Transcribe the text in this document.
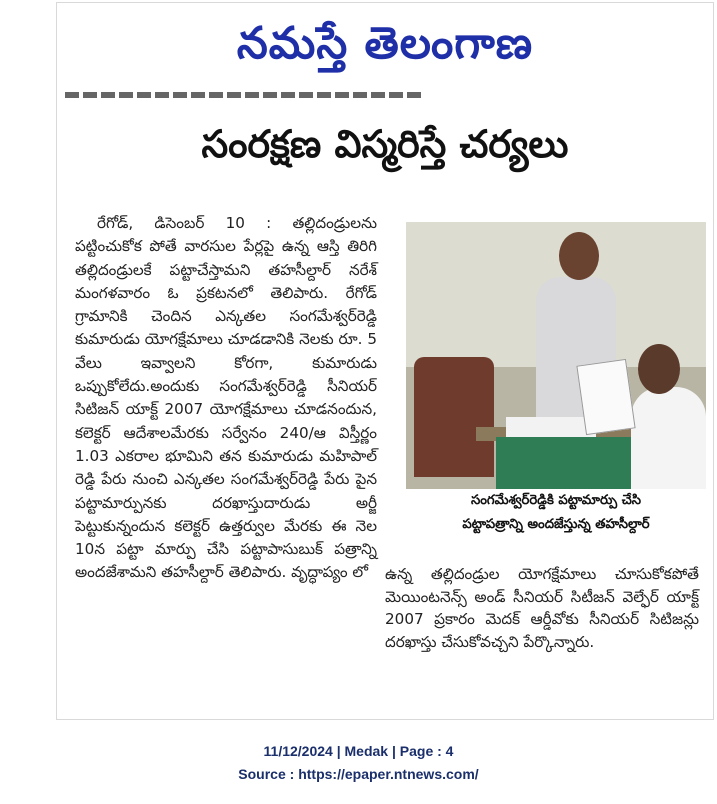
నమస్తే తెలంగాణ
సంరక్షణ విస్మరిస్తే చర్యలు
రేగోడ్, డిసెంబర్ 10 : తల్లిదండ్రులను పట్టించుకోక పోతే వారసుల పేర్లపై ఉన్న ఆస్తి తిరిగి తల్లిదండ్రులకే పట్టాచేస్తామని తహసీల్దార్ నరేశ్ మంగళవారం ఓ ప్రకటనలో తెలిపారు. రేగోడ్ గ్రామానికి చెందిన ఎన్కతల సంగమేశ్వర్‌రెడ్డి కుమారుడు యోగక్షేమాలు చూడడానికి నెలకు రూ. 5 వేలు ఇవ్వాలని కోరగా, కుమారుడు ఒప్పుకోలేదు.అందుకు సంగమేశ్వర్‌రెడ్డి సీనియర్ సిటిజన్ యాక్ట్ 2007 యోగక్షేమాలు చూడనందున, కలెక్టర్ ఆదేశాలమేరకు సర్వేనం 240/ఆ విస్తీర్ణం 1.03 ఎకరాల భూమిని తన కుమారుడు మహిపాల్ రెడ్డి పేరు నుంచి ఎన్కతల సంగమేశ్వర్‌రెడ్డి పేరు పైన పట్టామార్పునకు దరఖాస్తుదారుడు అర్జీ పెట్టుకున్నందున కలెక్టర్ ఉత్తర్వుల మేరకు ఈ నెల 10న పట్టా మార్పు చేసి పట్టాపాసుబుక్ పత్రాన్ని అందజేశామని తహసీల్దార్ తెలిపారు. వృద్ధాప్యం లో
సంగమేశ్వర్‌రెడ్డికి పట్టామార్పు చేసి
పట్టాపత్రాన్ని అందజేస్తున్న తహసీల్దార్
ఉన్న తల్లిదండ్రుల యోగక్షేమాలు చూసుకోకపోతే మెయింటనెన్స్ అండ్ సీనియర్ సిటీజన్ వెల్ఫేర్ యాక్ట్ 2007 ప్రకారం మెదక్ ఆర్డీవోకు సీనియర్ సిటిజన్లు దరఖాస్తు చేసుకోవచ్చని పేర్కొన్నారు.
11/12/2024 | Medak | Page : 4
Source : https://epaper.ntnews.com/
